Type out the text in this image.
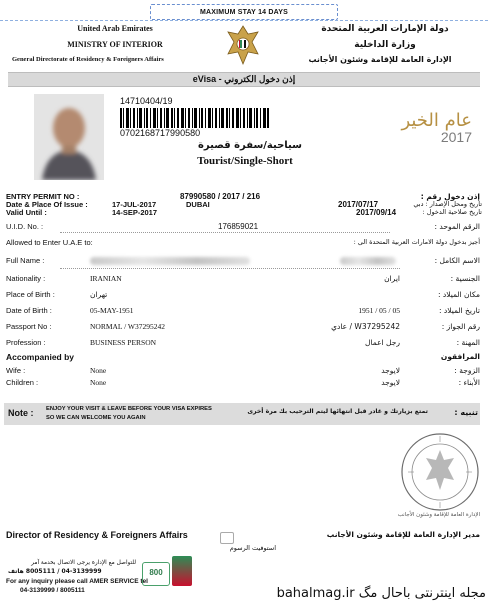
MAXIMUM STAY 14 DAYS
United Arab Emirates
MINISTRY OF INTERIOR
General Directorate of Residency & Foreigners Affairs
دولة الإمارات العربية المتحدة
وزارة الداخلية
الإدارة العامة للإقامة وشئون الأجانب
eVisa - إذن دخول الكتروني
14710404/19
0702168717990580
سياحية/سفرة قصيرة
Tourist/Single-Short
عام الخير
2017
ENTRY PERMIT NO :	87990580 / 2017 / 216	إذن دخول رقم :
Date & Place Of Issue :	17-JUL-2017	DUBAI	2017/07/17	تاريخ ومحل الإصدار : دبي
Valid Until :	14-SEP-2017	2017/09/14	تاريخ صلاحية الدخول :
U.I.D. No. :	176859021	الرقم الموحد :
Allowed to Enter U.A.E to:	أجيز بدخول دولة الامارات العربية المتحدة الى :
Full Name :	الاسم الكامل :
Nationality :	IRANIAN	ايران	الجنسية :
Place of Birth :	تهران	مكان الميلاد :
Date of Birth :	05-MAY-1951	1951 / 05 / 05	تاريخ الميلاد :
Passport No :	NORMAL / W37295242	W37295242 / عادي	رقم الجواز :
Profession :	BUSINESS PERSON	رجل اعمال	المهنة :
Accompanied by	المرافقون
Wife :	None	لايوجد	الزوجة :
Children :	None	لايوجد	الأبناء :
Note : ENJOY YOUR VISIT & LEAVE BEFORE YOUR VISA EXPIRES
SO WE CAN WELCOME YOU AGAIN
تمتع بزيارتك و غادر قبل انتهائها ليتم الترحيب بك مرة أخرى	تنبيه :
الإدارة العامة للإقامة وشئون الأجانب
Director of Residency & Foreigners Affairs	مدير الإدارة العامة للإقامة وشئون الأجانب
استوفيت الرسوم
للتواصل مع الإدارة يرجى الاتصال بخدمة آمر
04-3139999 / 8005111 هاتف
For any inquiry please call AMER SERVICE tel
04-3139999 / 8005111
800
bahalmag.ir مجله اینترنتی باحال مگ
